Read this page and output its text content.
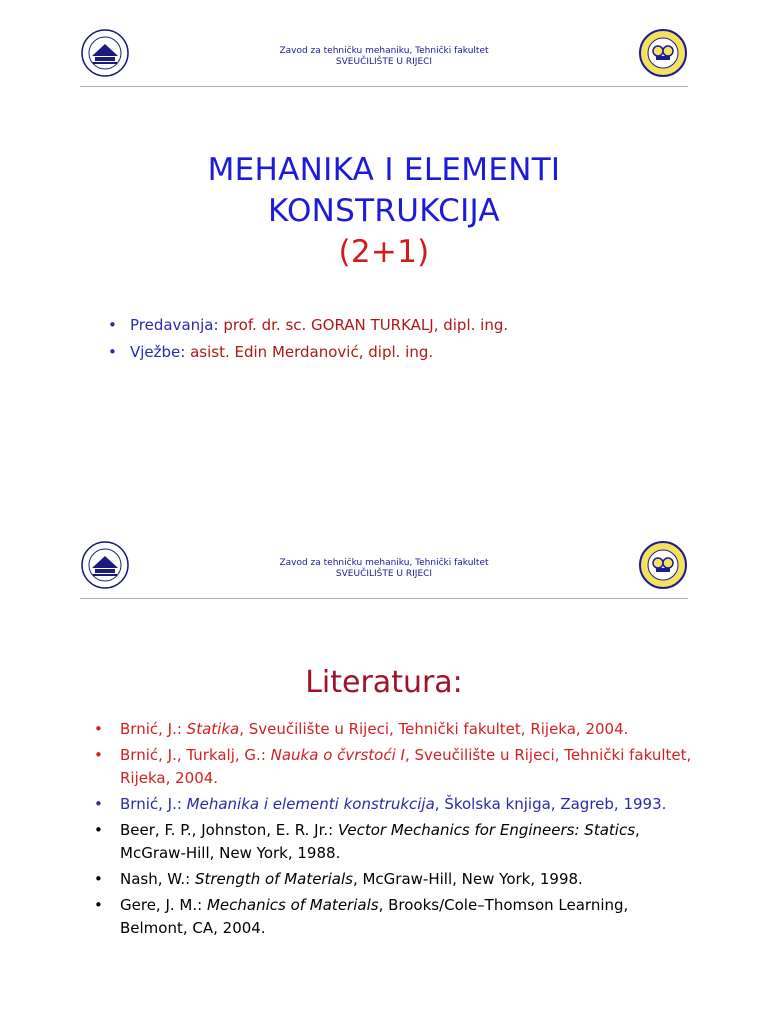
Zavod za tehničku mehaniku, Tehnički fakultet
SVEUČILIŠTE U RIJECI
MEHANIKA I ELEMENTI
KONSTRUKCIJA
(2+1)
• Predavanja: prof. dr. sc. GORAN TURKALJ, dipl. ing.
• Vježbe: asist. Edin Merdanović, dipl. ing.
Zavod za tehničku mehaniku, Tehnički fakultet
SVEUČILIŠTE U RIJECI
Literatura:
• Brnić, J.: Statika, Sveučilište u Rijeci, Tehnički fakultet, Rijeka, 2004.
• Brnić, J., Turkalj, G.: Nauka o čvrstoći I, Sveučilište u Rijeci, Tehnički fakultet, Rijeka, 2004.
• Brnić, J.: Mehanika i elementi konstrukcija, Školska knjiga, Zagreb, 1993.
• Beer, F. P., Johnston, E. R. Jr.: Vector Mechanics for Engineers: Statics, McGraw-Hill, New York, 1988.
• Nash, W.: Strength of Materials, McGraw-Hill, New York, 1998.
• Gere, J. M.: Mechanics of Materials, Brooks/Cole–Thomson Learning, Belmont, CA, 2004.
